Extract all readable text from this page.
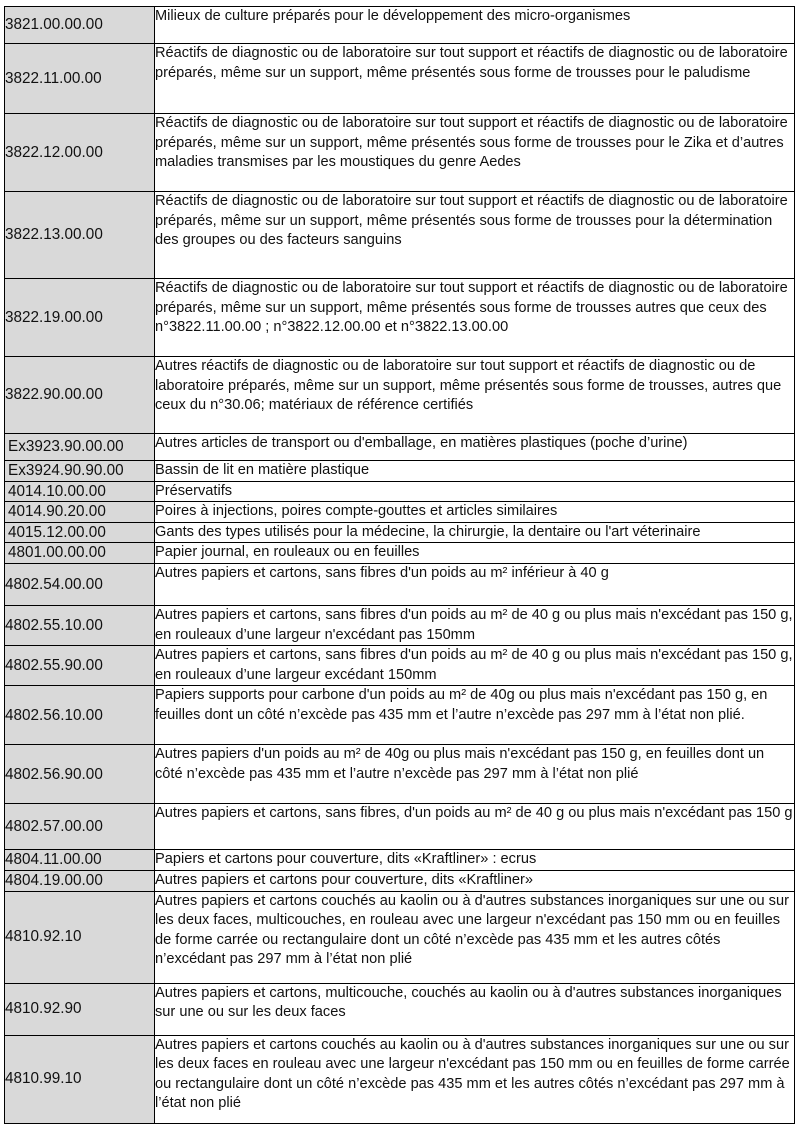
3821.00.00.00	Milieux de culture préparés pour le développement des micro-organismes
3822.11.00.00	Réactifs de diagnostic ou de laboratoire sur tout support et réactifs de diagnostic ou de laboratoire préparés, même sur un support, même présentés sous forme de trousses pour le paludisme
3822.12.00.00	Réactifs de diagnostic ou de laboratoire sur tout support et réactifs de diagnostic ou de laboratoire préparés, même sur un support, même présentés sous forme de trousses pour le Zika et d’autres maladies transmises par les moustiques du genre Aedes
3822.13.00.00	Réactifs de diagnostic ou de laboratoire sur tout support et réactifs de diagnostic ou de laboratoire préparés, même sur un support, même présentés sous forme de trousses pour la détermination des groupes ou des facteurs sanguins
3822.19.00.00	Réactifs de diagnostic ou de laboratoire sur tout support et réactifs de diagnostic ou de laboratoire préparés, même sur un support, même présentés sous forme de trousses autres que ceux des n°3822.11.00.00 ; n°3822.12.00.00 et n°3822.13.00.00
3822.90.00.00	Autres réactifs de diagnostic ou de laboratoire sur tout support et réactifs de diagnostic ou de laboratoire préparés, même sur un support, même présentés sous forme de trousses, autres que ceux du n°30.06; matériaux de référence certifiés
Ex3923.90.00.00	Autres articles de transport ou d'emballage, en matières plastiques (poche d’urine)
Ex3924.90.90.00	Bassin de lit en matière plastique
4014.10.00.00	Préservatifs
4014.90.20.00	Poires à injections, poires compte-gouttes et articles similaires
4015.12.00.00	Gants des types utilisés pour la médecine, la chirurgie, la dentaire ou l'art véterinaire
4801.00.00.00	Papier journal, en rouleaux ou en feuilles
4802.54.00.00	Autres papiers et cartons, sans fibres d'un poids au m² inférieur à 40 g
4802.55.10.00	Autres papiers et cartons, sans fibres d'un poids au m² de 40 g ou plus mais n'excédant pas 150 g, en rouleaux d’une largeur n'excédant pas 150mm
4802.55.90.00	Autres papiers et cartons, sans fibres d'un poids au m² de 40 g ou plus mais n'excédant pas 150 g, en rouleaux d’une largeur excédant 150mm
4802.56.10.00	Papiers supports pour carbone d'un poids au m² de 40g ou plus mais n'excédant pas 150 g, en feuilles dont un côté n’excède pas 435 mm et l’autre n’excède pas 297 mm à l’état non plié.
4802.56.90.00	Autres papiers d'un poids au m² de 40g ou plus mais n'excédant pas 150 g, en feuilles dont un côté n’excède pas 435 mm et l’autre n’excède pas 297 mm à l’état non plié
4802.57.00.00	Autres papiers et cartons, sans fibres, d'un poids au m² de 40 g ou plus mais n'excédant pas 150 g
4804.11.00.00	Papiers et cartons pour couverture, dits «Kraftliner» : ecrus
4804.19.00.00	Autres papiers et cartons pour couverture, dits «Kraftliner»
4810.92.10	Autres papiers et cartons couchés au kaolin ou à d'autres substances inorganiques sur une ou sur les deux faces, multicouches, en rouleau avec une largeur n'excédant pas 150 mm ou en feuilles de forme carrée ou rectangulaire dont un côté n’excède pas 435 mm et les autres côtés n’excédant pas 297 mm à l’état non plié
4810.92.90	Autres papiers et cartons, multicouche, couchés au kaolin ou à d'autres substances inorganiques sur une ou sur les deux faces
4810.99.10	Autres papiers et cartons couchés au kaolin ou à d'autres substances inorganiques sur une ou sur les deux faces en rouleau avec une largeur n'excédant pas 150 mm ou en feuilles de forme carrée ou rectangulaire dont un côté n’excède pas 435 mm et les autres côtés n’excédant pas 297 mm à l’état non plié
